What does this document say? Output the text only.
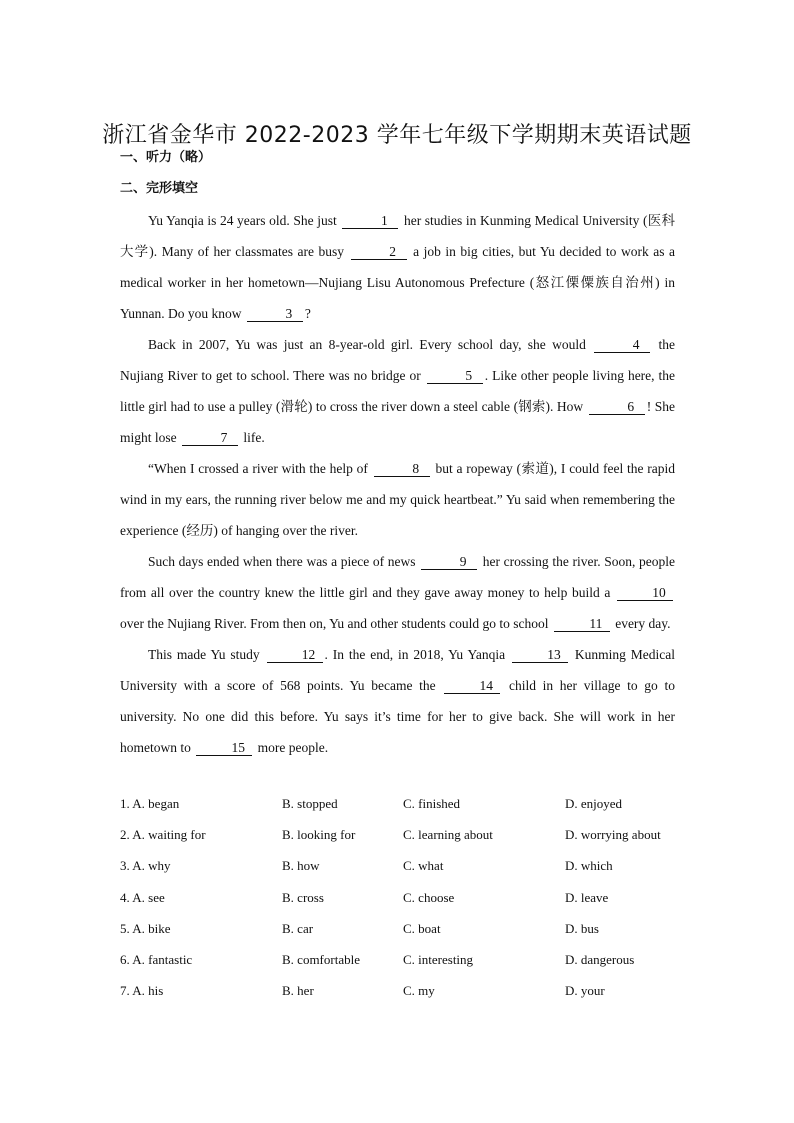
浙江省金华市 2022-2023 学年七年级下学期期末英语试题
一、听力（略）
二、完形填空

Yu Yanqia is 24 years old. She just	1 her studies in Kunming Medical University (医科大学). Many of her classmates are busy	2 a job in big cities, but Yu decided to work as a medical worker in her hometown—Nujiang Lisu Autonomous Prefecture (怒江傈僳族自治州) in Yunnan. Do you know	3 ?

Back in 2007, Yu was just an 8-year-old girl. Every school day, she would	4 the Nujiang River to get to school. There was no bridge or	5 . Like other people living here, the little girl had to use a pulley (滑轮) to cross the river down a steel cable (钢索). How	6 ! She might lose	7 life.

“When I crossed a river with the help of	8 but a ropeway (索道), I could feel the rapid wind in my ears, the running river below me and my quick heartbeat.” Yu said when remembering the experience (经历) of hanging over the river.

Such days ended when there was a piece of news	9 her crossing the river. Soon, people from all over the country knew the little girl and they gave away money to help build a	10 over the Nujiang River. From then on, Yu and other students could go to school	11 every day.

This made Yu study	12 . In the end, in 2018, Yu Yanqia	13 Kunming Medical University with a score of 568 points. Yu became the	14 child in her village to go to university. No one did this before. Yu says it’s time for her to give back. She will work in her hometown to	15 more people.

1. A. began	B. stopped	C. finished	D. enjoyed
2. A. waiting for	B. looking for	C. learning about	D. worrying about
3. A. why	B. how	C. what	D. which
4. A. see	B. cross	C. choose	D. leave
5. A. bike	B. car	C. boat	D. bus
6. A. fantastic	B. comfortable	C. interesting	D. dangerous
7. A. his	B. her	C. my	D. your
